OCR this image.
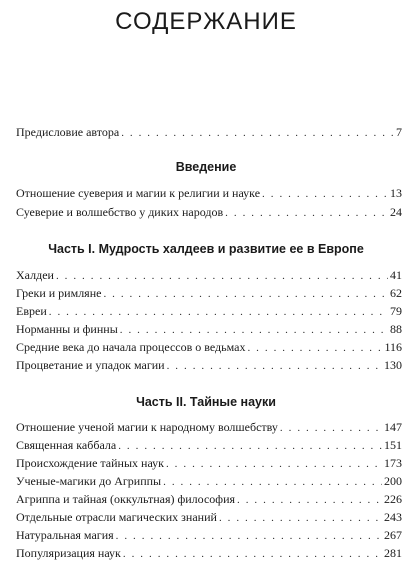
СОДЕРЖАНИЕ
Предисловие автора . . .	7
Введение
Отношение суеверия и магии к религии и науке . . .	13
Суеверие и волшебство у диких народов . . .	24
Часть I. Мудрость халдеев и развитие ее в Европе
Халдеи . . .	41
Греки и римляне . . .	62
Евреи . . .	79
Норманны и финны . . .	88
Средние века до начала процессов о ведьмах . . .	116
Процветание и упадок магии . . .	130
Часть II. Тайные науки
Отношение ученой магии к народному волшебству . . .	147
Священная каббала . . .	151
Происхождение тайных наук . . .	173
Ученые-магики до Агриппы . . .	200
Агриппа и тайная (оккультная) философия . . .	226
Отдельные отрасли магических знаний . . .	243
Натуральная магия . . .	267
Популяризация наук . . .	281
